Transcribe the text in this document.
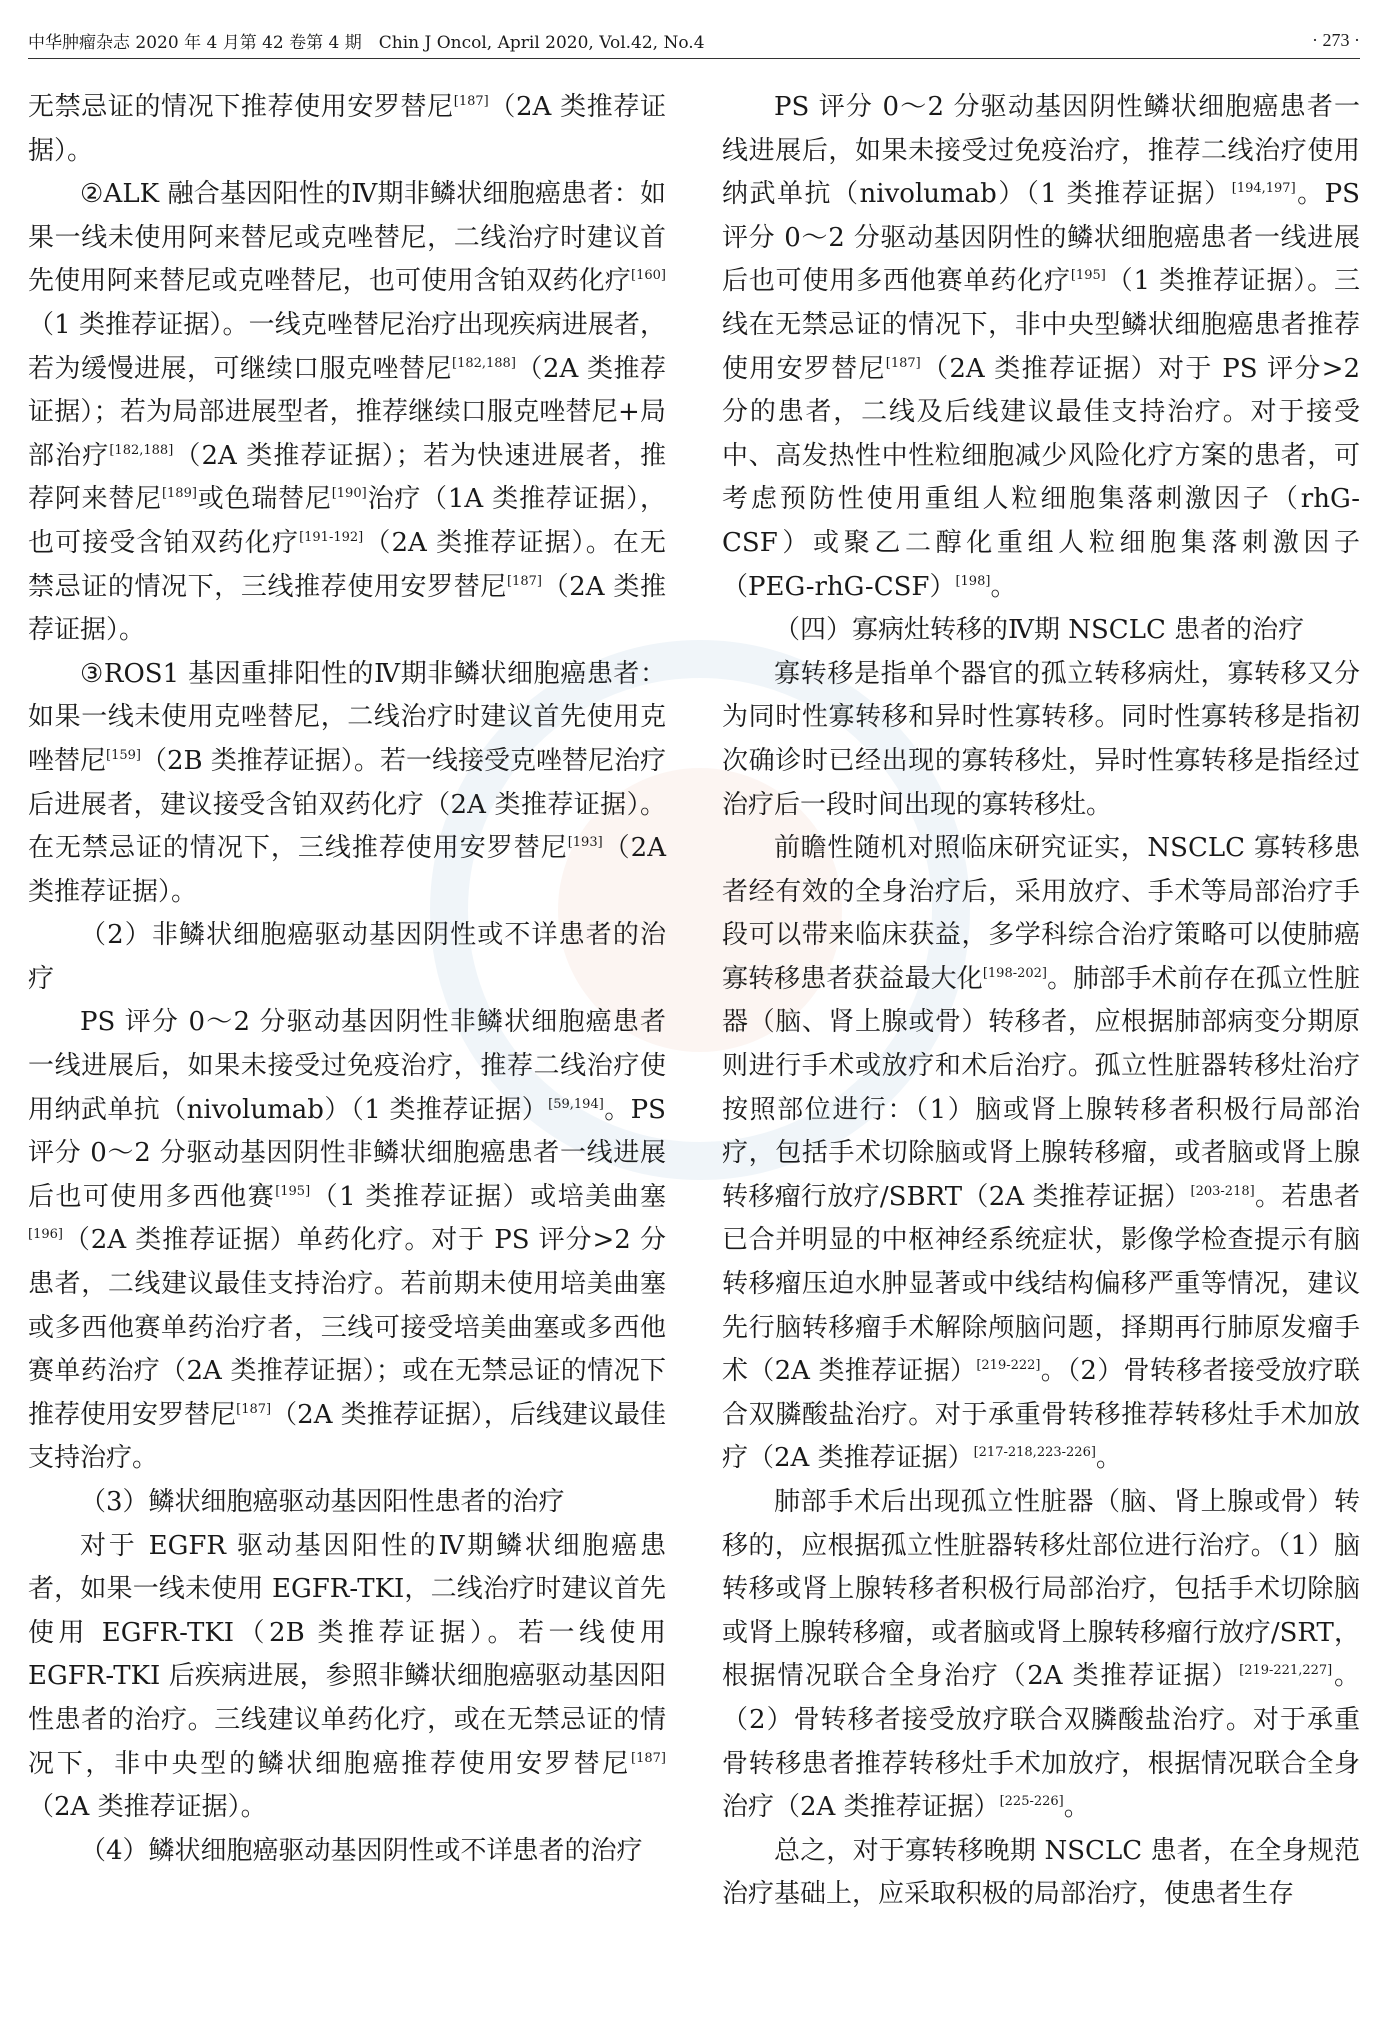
中华肿瘤杂志 2020 年 4 月第 42 卷第 4 期　Chin J Oncol, April 2020, Vol.42, No.4	· 273 ·

无禁忌证的情况下推荐使用安罗替尼[187]（2A 类推荐证据）。

②ALK 融合基因阳性的Ⅳ期非鳞状细胞癌患者：如果一线未使用阿来替尼或克唑替尼，二线治疗时建议首先使用阿来替尼或克唑替尼，也可使用含铂双药化疗[160]（1 类推荐证据）。一线克唑替尼治疗出现疾病进展者，若为缓慢进展，可继续口服克唑替尼[182,188]（2A 类推荐证据）；若为局部进展型者，推荐继续口服克唑替尼+局部治疗[182,188]（2A 类推荐证据）；若为快速进展者，推荐阿来替尼[189]或色瑞替尼[190]治疗（1A 类推荐证据），也可接受含铂双药化疗[191-192]（2A 类推荐证据）。在无禁忌证的情况下，三线推荐使用安罗替尼[187]（2A 类推荐证据）。

③ROS1 基因重排阳性的Ⅳ期非鳞状细胞癌患者：如果一线未使用克唑替尼，二线治疗时建议首先使用克唑替尼[159]（2B 类推荐证据）。若一线接受克唑替尼治疗后进展者，建议接受含铂双药化疗（2A 类推荐证据）。在无禁忌证的情况下，三线推荐使用安罗替尼[193]（2A 类推荐证据）。

（2）非鳞状细胞癌驱动基因阴性或不详患者的治疗

PS 评分 0～2 分驱动基因阴性非鳞状细胞癌患者一线进展后，如果未接受过免疫治疗，推荐二线治疗使用纳武单抗（nivolumab）（1 类推荐证据）[59,194]。PS 评分 0～2 分驱动基因阴性非鳞状细胞癌患者一线进展后也可使用多西他赛[195]（1 类推荐证据）或培美曲塞[196]（2A 类推荐证据）单药化疗。对于 PS 评分>2 分患者，二线建议最佳支持治疗。若前期未使用培美曲塞或多西他赛单药治疗者，三线可接受培美曲塞或多西他赛单药治疗（2A 类推荐证据）；或在无禁忌证的情况下推荐使用安罗替尼[187]（2A 类推荐证据），后线建议最佳支持治疗。

（3）鳞状细胞癌驱动基因阳性患者的治疗

对于 EGFR 驱动基因阳性的Ⅳ期鳞状细胞癌患者，如果一线未使用 EGFR-TKI，二线治疗时建议首先使用 EGFR-TKI（2B 类推荐证据）。若一线使用 EGFR-TKI 后疾病进展，参照非鳞状细胞癌驱动基因阳性患者的治疗。三线建议单药化疗，或在无禁忌证的情况下，非中央型的鳞状细胞癌推荐使用安罗替尼[187]（2A 类推荐证据）。

（4）鳞状细胞癌驱动基因阴性或不详患者的治疗

PS 评分 0～2 分驱动基因阴性鳞状细胞癌患者一线进展后，如果未接受过免疫治疗，推荐二线治疗使用纳武单抗（nivolumab）（1 类推荐证据）[194,197]。PS 评分 0～2 分驱动基因阴性的鳞状细胞癌患者一线进展后也可使用多西他赛单药化疗[195]（1 类推荐证据）。三线在无禁忌证的情况下，非中央型鳞状细胞癌患者推荐使用安罗替尼[187]（2A 类推荐证据）对于 PS 评分>2 分的患者，二线及后线建议最佳支持治疗。对于接受中、高发热性中性粒细胞减少风险化疗方案的患者，可考虑预防性使用重组人粒细胞集落刺激因子（rhG-CSF）或聚乙二醇化重组人粒细胞集落刺激因子（PEG-rhG-CSF）[198]。

（四）寡病灶转移的Ⅳ期 NSCLC 患者的治疗

寡转移是指单个器官的孤立转移病灶，寡转移又分为同时性寡转移和异时性寡转移。同时性寡转移是指初次确诊时已经出现的寡转移灶，异时性寡转移是指经过治疗后一段时间出现的寡转移灶。

前瞻性随机对照临床研究证实，NSCLC 寡转移患者经有效的全身治疗后，采用放疗、手术等局部治疗手段可以带来临床获益，多学科综合治疗策略可以使肺癌寡转移患者获益最大化[198-202]。肺部手术前存在孤立性脏器（脑、肾上腺或骨）转移者，应根据肺部病变分期原则进行手术或放疗和术后治疗。孤立性脏器转移灶治疗按照部位进行：（1）脑或肾上腺转移者积极行局部治疗，包括手术切除脑或肾上腺转移瘤，或者脑或肾上腺转移瘤行放疗/SBRT（2A 类推荐证据）[203-218]。若患者已合并明显的中枢神经系统症状，影像学检查提示有脑转移瘤压迫水肿显著或中线结构偏移严重等情况，建议先行脑转移瘤手术解除颅脑问题，择期再行肺原发瘤手术（2A 类推荐证据）[219-222]。（2）骨转移者接受放疗联合双膦酸盐治疗。对于承重骨转移推荐转移灶手术加放疗（2A 类推荐证据）[217-218,223-226]。

肺部手术后出现孤立性脏器（脑、肾上腺或骨）转移的，应根据孤立性脏器转移灶部位进行治疗。（1）脑转移或肾上腺转移者积极行局部治疗，包括手术切除脑或肾上腺转移瘤，或者脑或肾上腺转移瘤行放疗/SRT，根据情况联合全身治疗（2A 类推荐证据）[219-221,227]。（2）骨转移者接受放疗联合双膦酸盐治疗。对于承重骨转移患者推荐转移灶手术加放疗，根据情况联合全身治疗（2A 类推荐证据）[225-226]。

总之，对于寡转移晚期 NSCLC 患者，在全身规范治疗基础上，应采取积极的局部治疗，使患者生存
